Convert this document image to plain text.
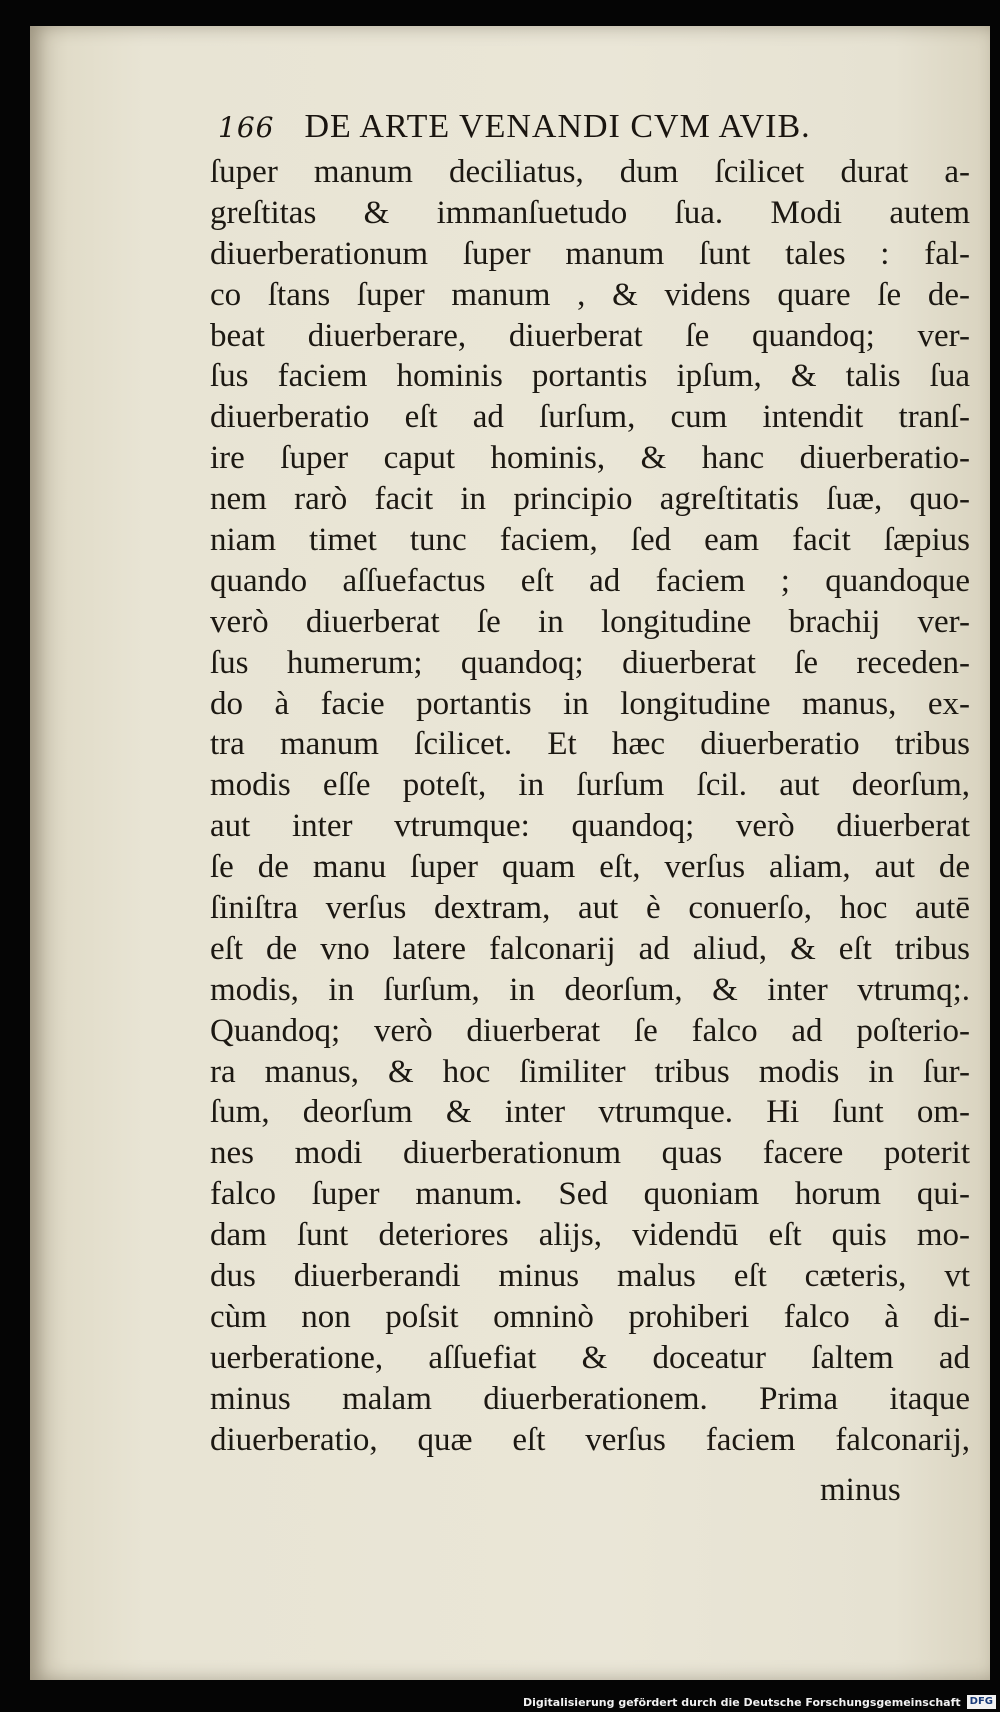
166 DE ARTE VENANDI CVM AVIB.
ſuper manum deciliatus, dum ſcilicet durat a-
greſtitas & immanſuetudo ſua. Modi autem
diuerberationum ſuper manum ſunt tales : fal-
co ſtans ſuper manum , & videns quare ſe de-
beat diuerberare, diuerberat ſe quandoq; ver-
ſus faciem hominis portantis ipſum, & talis ſua
diuerberatio eſt ad ſurſum, cum intendit tranſ-
ire ſuper caput hominis, & hanc diuerberatio-
nem rarò facit in principio agreſtitatis ſuæ, quo-
niam timet tunc faciem, ſed eam facit ſæpius
quando aſſuefactus eſt ad faciem ; quandoque
verò diuerberat ſe in longitudine brachij ver-
ſus humerum; quandoq; diuerberat ſe receden-
do à facie portantis in longitudine manus, ex-
tra manum ſcilicet. Et hæc diuerberatio tribus
modis eſſe poteſt, in ſurſum ſcil. aut deorſum,
aut inter vtrumque: quandoq; verò diuerberat
ſe de manu ſuper quam eſt, verſus aliam, aut de
ſiniſtra verſus dextram, aut è conuerſo, hoc autē
eſt de vno latere falconarij ad aliud, & eſt tribus
modis, in ſurſum, in deorſum, & inter vtrumq;.
Quandoq; verò diuerberat ſe falco ad poſterio-
ra manus, & hoc ſimiliter tribus modis in ſur-
ſum, deorſum & inter vtrumque. Hi ſunt om-
nes modi diuerberationum quas facere poterit
falco ſuper manum. Sed quoniam horum qui-
dam ſunt deteriores alijs, videndū eſt quis mo-
dus diuerberandi minus malus eſt cæteris, vt
cùm non poſsit omninò prohiberi falco à di-
uerberatione, aſſuefiat & doceatur ſaltem ad
minus malam diuerberationem. Prima itaque
diuerberatio, quæ eſt verſus faciem falconarij,
minus
Digitalisierung gefördert durch die Deutsche Forschungsgemeinschaft DFG
